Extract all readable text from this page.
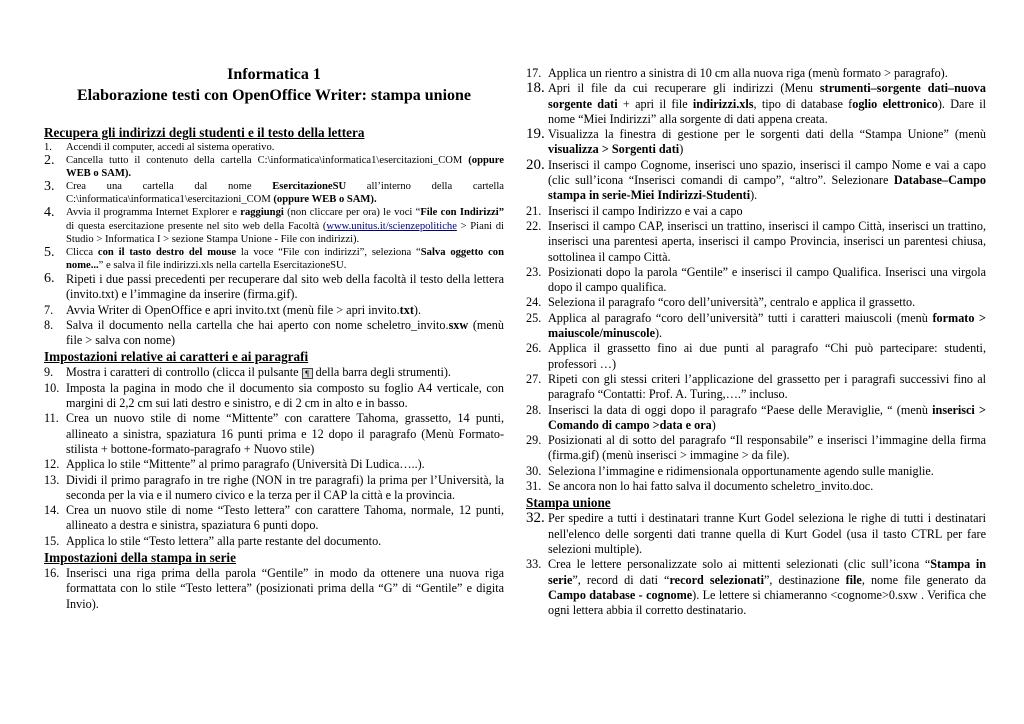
Informatica 1
Elaborazione testi con OpenOffice Writer: stampa unione
Recupera gli indirizzi degli studenti e il testo della lettera
1.	Accendi il computer, accedi al sistema operativo.
2.	Cancella tutto il contenuto della cartella C:\informatica\informatica1\esercitazioni_COM (oppure WEB o SAM).
3.	Crea una cartella dal nome EsercitazioneSU all’interno della cartella C:\informatica\informatica1\esercitazioni_COM (oppure WEB o SAM).
4.	Avvia il programma Internet Explorer e raggiungi (non cliccare per ora) le voci “File con Indirizzi” di questa esercitazione presente nel sito web della Facoltà (www.unitus.it/scienzepolitiche > Piani di Studio > Informatica I > sezione Stampa Unione - File con indirizzi).
5.	Clicca con il tasto destro del mouse la voce “File con indirizzi”, seleziona “Salva oggetto con nome...” e salva il file indirizzi.xls nella cartella EsercitazioneSU.
6. Ripeti i due passi precedenti per recuperare dal sito web della facoltà il testo della lettera (invito.txt) e l’immagine da inserire (firma.gif).
7.	Avvia Writer di OpenOffice e apri invito.txt (menù file > apri invito.txt).
8.	Salva il documento nella cartella che hai aperto con nome scheletro_invito.sxw (menù file > salva con nome)
Impostazioni relative ai caratteri e ai paragrafi
9.	Mostra i caratteri di controllo (clicca il pulsante ¶ della barra degli strumenti).
10. Imposta la pagina in modo che il documento sia composto su foglio A4 verticale, con margini di 2,2 cm sui lati destro e sinistro, e di 2 cm in alto e in basso.
11. Crea un nuovo stile di nome “Mittente” con carattere Tahoma, grassetto, 14 punti, allineato a sinistra, spaziatura 16 punti prima e 12 dopo il paragrafo (Menù Formato-stilista + bottone-formato-paragrafo + Nuovo stile)
12. Applica lo stile “Mittente” al primo paragrafo (Università Di Ludica…..).
13. Dividi il primo paragrafo in tre righe (NON in tre paragrafi) la prima per l’Università, la seconda per la via e il numero civico e la terza per il CAP la città e la provincia.
14. Crea un nuovo stile di nome “Testo lettera” con carattere Tahoma, normale, 12 punti, allineato a destra e sinistra, spaziatura 6 punti dopo.
15. Applica lo stile “Testo lettera” alla parte restante del documento.
Impostazioni della stampa in serie
16. Inserisci una riga prima della parola “Gentile” in modo da ottenere una nuova riga formattata con lo stile “Testo lettera” (posizionati prima della “G” di “Gentile” e digita Invio).
17. Applica un rientro a sinistra di 10 cm alla nuova riga (menù formato > paragrafo).
18. Apri il file da cui recuperare gli indirizzi (Menu strumenti–sorgente dati–nuova sorgente dati + apri il file indirizzi.xls, tipo di database foglio elettronico). Dare il nome “Miei Indirizzi” alla sorgente di dati appena creata.
19. Visualizza la finestra di gestione per le sorgenti dati della “Stampa Unione” (menù visualizza > Sorgenti dati)
20. Inserisci il campo Cognome, inserisci uno spazio, inserisci il campo Nome e vai a capo (clic sull’icona “Inserisci comandi di campo”, “altro”. Selezionare Database–Campo stampa in serie-Miei Indirizzi-Studenti).
21. Inserisci il campo Indirizzo e vai a capo
22. Inserisci il campo CAP, inserisci un trattino, inserisci il campo Città, inserisci un trattino, inserisci una parentesi aperta, inserisci il campo Provincia, inserisci un parentesi chiusa, sottolinea il campo Città.
23. Posizionati dopo la parola “Gentile” e inserisci il campo Qualifica. Inserisci una virgola dopo il campo qualifica.
24. Seleziona il paragrafo “coro dell’università”, centralo e applica il grassetto.
25. Applica al paragrafo “coro dell’università” tutti i caratteri maiuscoli (menù formato > maiuscole/minuscole).
26. Applica il grassetto fino ai due punti al paragrafo “Chi può partecipare: studenti, professori …)
27. Ripeti con gli stessi criteri l’applicazione del grassetto per i paragrafi successivi fino al paragrafo “Contatti: Prof. A. Turing,….” incluso.
28. Inserisci la data di oggi dopo il paragrafo “Paese delle Meraviglie, “ (menù inserisci > Comando di campo >data e ora)
29. Posizionati al di sotto del paragrafo “Il responsabile” e inserisci l’immagine della firma (firma.gif) (menù inserisci > immagine > da file).
30. Seleziona l’immagine e ridimensionala opportunamente agendo sulle maniglie.
31. Se ancora non lo hai fatto salva il documento scheletro_invito.doc.
Stampa unione
32. Per spedire a tutti i destinatari tranne Kurt Godel seleziona le righe di tutti i destinatari nell'elenco delle sorgenti dati tranne quella di Kurt Godel (usa il tasto CTRL per fare selezioni multiple).
33. Crea le lettere personalizzate solo ai mittenti selezionati (clic sull’icona “Stampa in serie”, record di dati “record selezionati”, destinazione file, nome file generato da Campo database - cognome). Le lettere si chiameranno <cognome>0.sxw . Verifica che ogni lettera abbia il corretto destinatario.
